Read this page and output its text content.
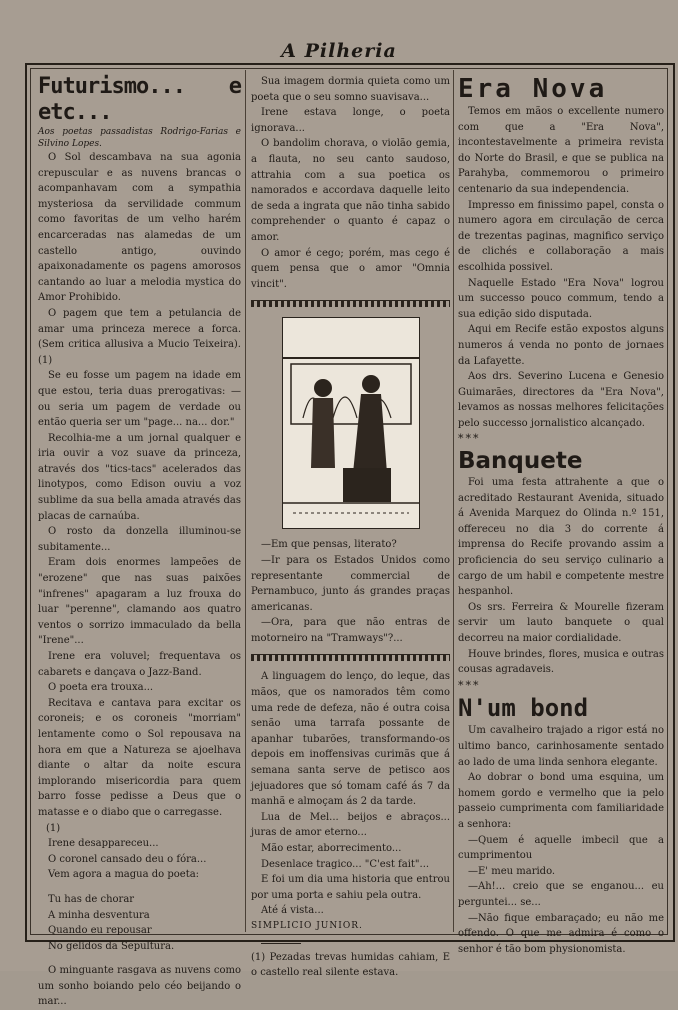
A Pilheria

Futurismo... e etc...

Aos poetas passadistas Rodrigo-Farias e Silvino Lopes.

O Sol descambava na sua agonia crepuscular e as nuvens brancas o acompanhavam com a sympathia mysteriosa da servilidade commum como favoritas de um velho harém encarceradas nas alamedas de um castello antigo, ouvindo apaixonadamente os pagens amorosos cantando ao luar a melodia mystica do Amor Prohibido.

O pagem que tem a petulancia de amar uma princeza merece a forca. (Sem critica allusiva a Mucio Teixeira). (1)

Se eu fosse um pagem na idade em que estou, teria duas prerogativas: — ou seria um pagem de verdade ou então queria ser um "page... na... dor."

Recolhia-me a um jornal qualquer e iria ouvir a voz suave da princeza, através dos "tics-tacs" acelerados das linotypos, como Edison ouviu a voz sublime da sua bella amada através das placas de carnaúba.

O rosto da donzella illuminou-se subitamente...

Eram dois enormes lampeões de "erozene" que nas suas paixões "infrenes" apagaram a luz frouxa do luar "perenne", clamando aos quatro ventos o sorrizo immaculado da bella "Irene"...

Irene era voluvel; frequentava os cabarets e dançava o Jazz-Band.

O poeta era trouxa...

Recitava e cantava para excitar os coroneis; e os coroneis "morriam" lentamente como o Sol repousava na hora em que a Natureza se ajoelhava diante o altar da noite escura implorando misericordia para quem barro fosse pedisse a Deus que o matasse e o diabo que o carregasse.

(1)

Irene desappareceu...

O coronel cansado deu o fóra...

Vem agora a magua do poeta:

Tu has de chorar

A minha desventura

Quando eu repousar

No gelidos da Sepultura.

O minguante rasgava as nuvens como um sonho boiando pelo céo beijando o mar...

Sua imagem dormia quieta como um poeta que o seu somno suavisava...

Irene estava longe, o poeta ignorava...

O bandolim chorava, o violão gemia, a flauta, no seu canto saudoso, attrahia com a sua poetica os namorados e accordava daquelle leito de seda a ingrata que não tinha sabido comprehender o quanto é capaz o amor.

O amor é cego; porém, mas cego é quem pensa que o amor "Omnia vincit".

—Em que pensas, literato?

—Ir para os Estados Unidos como representante commercial de Pernambuco, junto ás grandes praças americanas.

—Ora, para que não entras de motorneiro na "Tramways"?...

A linguagem do lenço, do leque, das mãos, que os namorados têm como uma rede de defeza, não é outra coisa senão uma tarrafa possante de apanhar tubarões, transformando-os depois em inoffensivas curimãs que á semana santa serve de petisco aos jejuadores que só tomam café ás 7 da manhã e almoçam ás 2 da tarde.

Lua de Mel... beijos e abraços... juras de amor eterno...

Mão estar, aborrecimento...

Desenlace tragico... "C'est fait"...

E foi um dia uma historia que entrou por uma porta e sahiu pela outra.

Até á vista...

SIMPLICIO JUNIOR.

(1) Pezadas trevas humidas cahiam, E o castello real silente estava.

Era Nova

Temos em mãos o excellente numero com que a "Era Nova", incontestavelmente a primeira revista do Norte do Brasil, e que se publica na Parahyba, commemorou o primeiro centenario da sua independencia.

Impresso em finissimo papel, consta o numero agora em circulação de cerca de trezentas paginas, magnifico serviço de clichés e collaboração a mais escolhida possivel.

Naquelle Estado "Era Nova" logrou um successo pouco commum, tendo a sua edição sido disputada.

Aqui em Recife estão expostos alguns numeros á venda no ponto de jornaes da Lafayette.

Aos drs. Severino Lucena e Genesio Guimarães, directores da "Era Nova", levamos as nossas melhores felicitações pelo successo jornalistico alcançado.

***

Banquete

Foi uma festa attrahente a que o acreditado Restaurant Avenida, situado á Avenida Marquez do Olinda n.º 151, offereceu no dia 3 do corrente á imprensa do Recife provando assim a proficiencia do seu serviço culinario a cargo de um habil e competente mestre hespanhol.

Os srs. Ferreira & Mourelle fizeram servir um lauto banquete o qual decorreu na maior cordialidade.

Houve brindes, flores, musica e outras cousas agradaveis.

***

N'um bond

Um cavalheiro trajado a rigor está no ultimo banco, carinhosamente sentado ao lado de uma linda senhora elegante.

Ao dobrar o bond uma esquina, um homem gordo e vermelho que ia pelo passeio cumprimenta com familiaridade a senhora:

—Quem é aquelle imbecil que a cumprimentou

—E' meu marido.

—Ah!... creio que se enganou... eu perguntei... se...

—Não fique embaraçado; eu não me offendo. O que me admira é como o senhor é tão bom physionomista.
